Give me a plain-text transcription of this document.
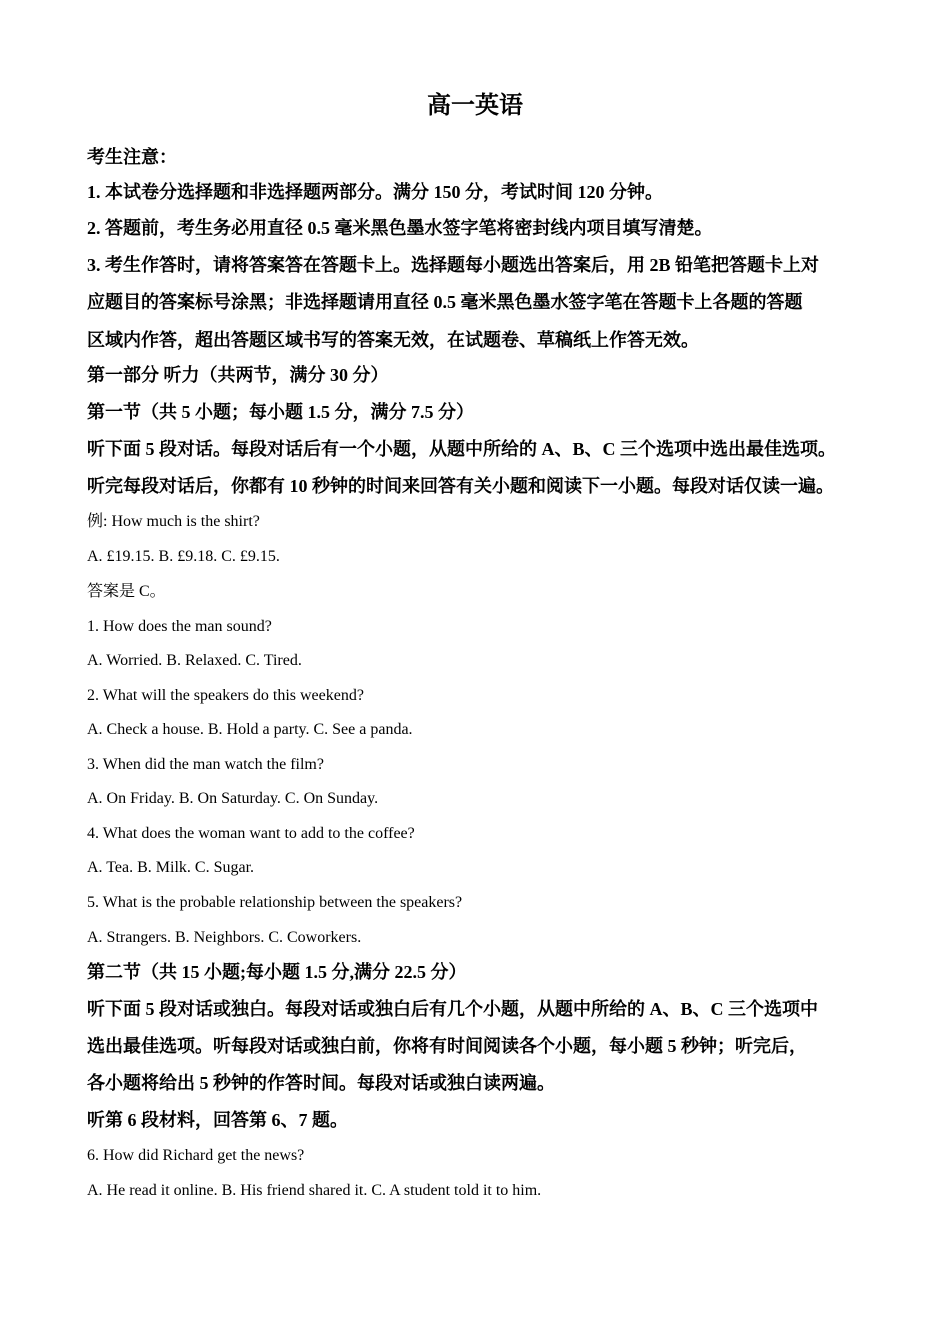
高一英语

考生注意：

1. 本试卷分选择题和非选择题两部分。满分 150 分，考试时间 120 分钟。

2. 答题前，考生务必用直径 0.5 毫米黑色墨水签字笔将密封线内项目填写清楚。

3. 考生作答时，请将答案答在答题卡上。选择题每小题选出答案后，用 2B 铅笔把答题卡上对

应题目的答案标号涂黑；非选择题请用直径 0.5 毫米黑色墨水签字笔在答题卡上各题的答题

区域内作答，超出答题区域书写的答案无效，在试题卷、草稿纸上作答无效。

第一部分 听力（共两节，满分 30 分）

第一节（共 5 小题；每小题 1.5 分，满分 7.5 分）

听下面 5 段对话。每段对话后有一个小题，从题中所给的 A、B、C 三个选项中选出最佳选项。

听完每段对话后，你都有 10 秒钟的时间来回答有关小题和阅读下一小题。每段对话仅读一遍。

例: How much is the shirt?

A. £19.15. B. £9.18. C. £9.15.

答案是 C。

1. How does the man sound?

A. Worried. B. Relaxed. C. Tired.

2. What will the speakers do this weekend?

A. Check a house. B. Hold a party. C. See a panda.

3. When did the man watch the film?

A. On Friday. B. On Saturday. C. On Sunday.

4. What does the woman want to add to the coffee?

A. Tea. B. Milk. C. Sugar.

5. What is the probable relationship between the speakers?

A. Strangers. B. Neighbors. C. Coworkers.

第二节（共 15 小题;每小题 1.5 分,满分 22.5 分）

听下面 5 段对话或独白。每段对话或独白后有几个小题，从题中所给的 A、B、C 三个选项中

选出最佳选项。听每段对话或独白前，你将有时间阅读各个小题，每小题 5 秒钟；听完后，

各小题将给出 5 秒钟的作答时间。每段对话或独白读两遍。

听第 6 段材料，回答第 6、7 题。

6. How did Richard get the news?

A. He read it online. B. His friend shared it. C. A student told it to him.
